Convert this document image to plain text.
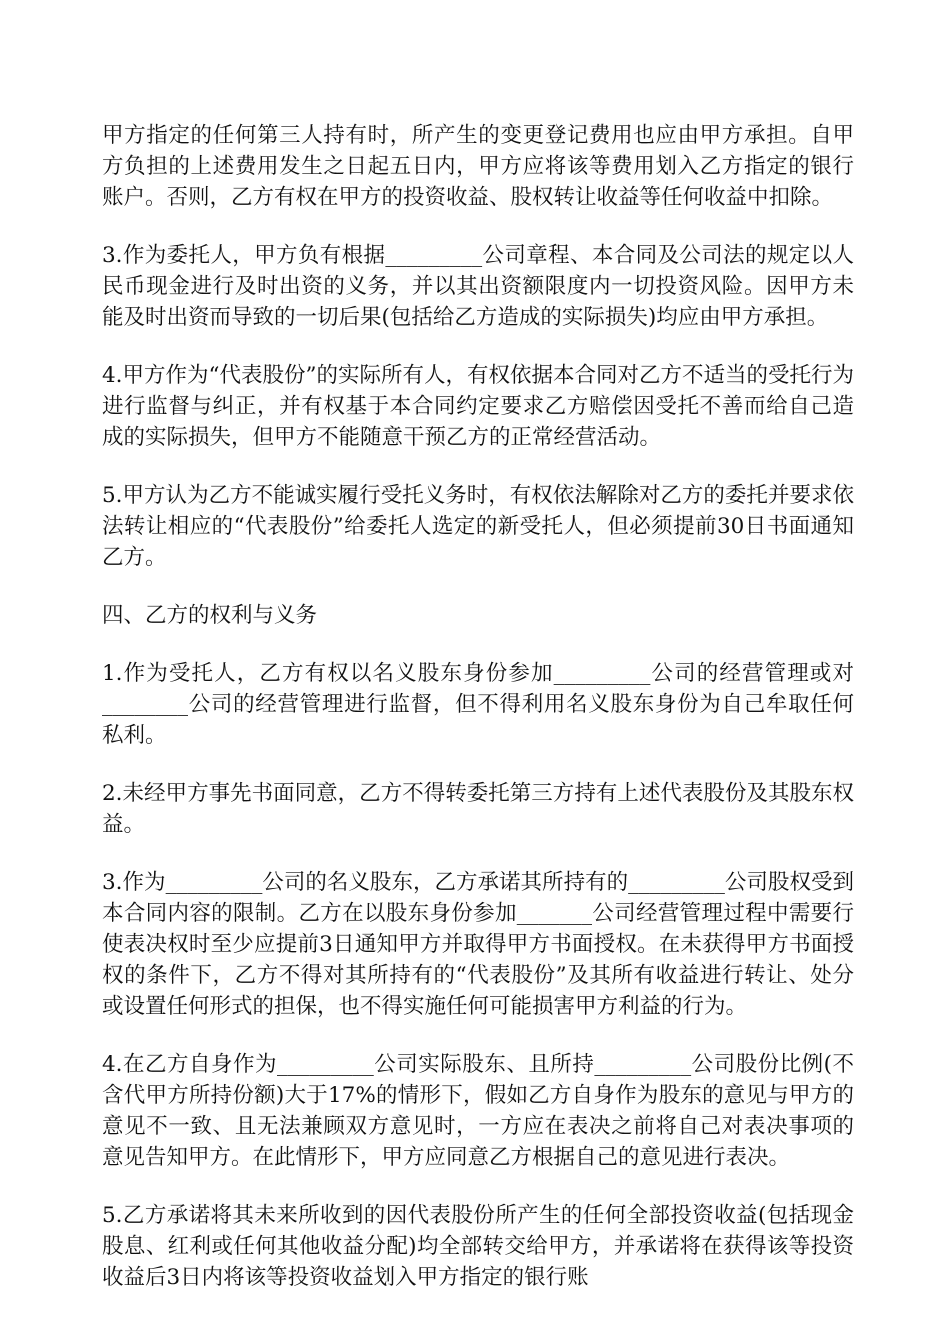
甲方指定的任何第三人持有时，所产生的变更登记费用也应由甲方承担。自甲方负担的上述费用发生之日起五日内，甲方应将该等费用划入乙方指定的银行账户。否则，乙方有权在甲方的投资收益、股权转让收益等任何收益中扣除。

3.作为委托人，甲方负有根据_________公司章程、本合同及公司法的规定以人民币现金进行及时出资的义务，并以其出资额限度内一切投资风险。因甲方未能及时出资而导致的一切后果(包括给乙方造成的实际损失)均应由甲方承担。

4.甲方作为“代表股份”的实际所有人，有权依据本合同对乙方不适当的受托行为进行监督与纠正，并有权基于本合同约定要求乙方赔偿因受托不善而给自己造成的实际损失，但甲方不能随意干预乙方的正常经营活动。

5.甲方认为乙方不能诚实履行受托义务时，有权依法解除对乙方的委托并要求依法转让相应的“代表股份”给委托人选定的新受托人，但必须提前30日书面通知乙方。

四、乙方的权利与义务

1.作为受托人，乙方有权以名义股东身份参加_________公司的经营管理或对________公司的经营管理进行监督，但不得利用名义股东身份为自己牟取任何私利。

2.未经甲方事先书面同意，乙方不得转委托第三方持有上述代表股份及其股东权益。

3.作为_________公司的名义股东，乙方承诺其所持有的_________公司股权受到本合同内容的限制。乙方在以股东身份参加_______公司经营管理过程中需要行使表决权时至少应提前3日通知甲方并取得甲方书面授权。在未获得甲方书面授权的条件下，乙方不得对其所持有的“代表股份”及其所有收益进行转让、处分或设置任何形式的担保，也不得实施任何可能损害甲方利益的行为。

4.在乙方自身作为_________公司实际股东、且所持_________公司股份比例(不含代甲方所持份额)大于17%的情形下，假如乙方自身作为股东的意见与甲方的意见不一致、且无法兼顾双方意见时，一方应在表决之前将自己对表决事项的意见告知甲方。在此情形下，甲方应同意乙方根据自己的意见进行表决。

5.乙方承诺将其未来所收到的因代表股份所产生的任何全部投资收益(包括现金股息、红利或任何其他收益分配)均全部转交给甲方，并承诺将在获得该等投资收益后3日内将该等投资收益划入甲方指定的银行账
